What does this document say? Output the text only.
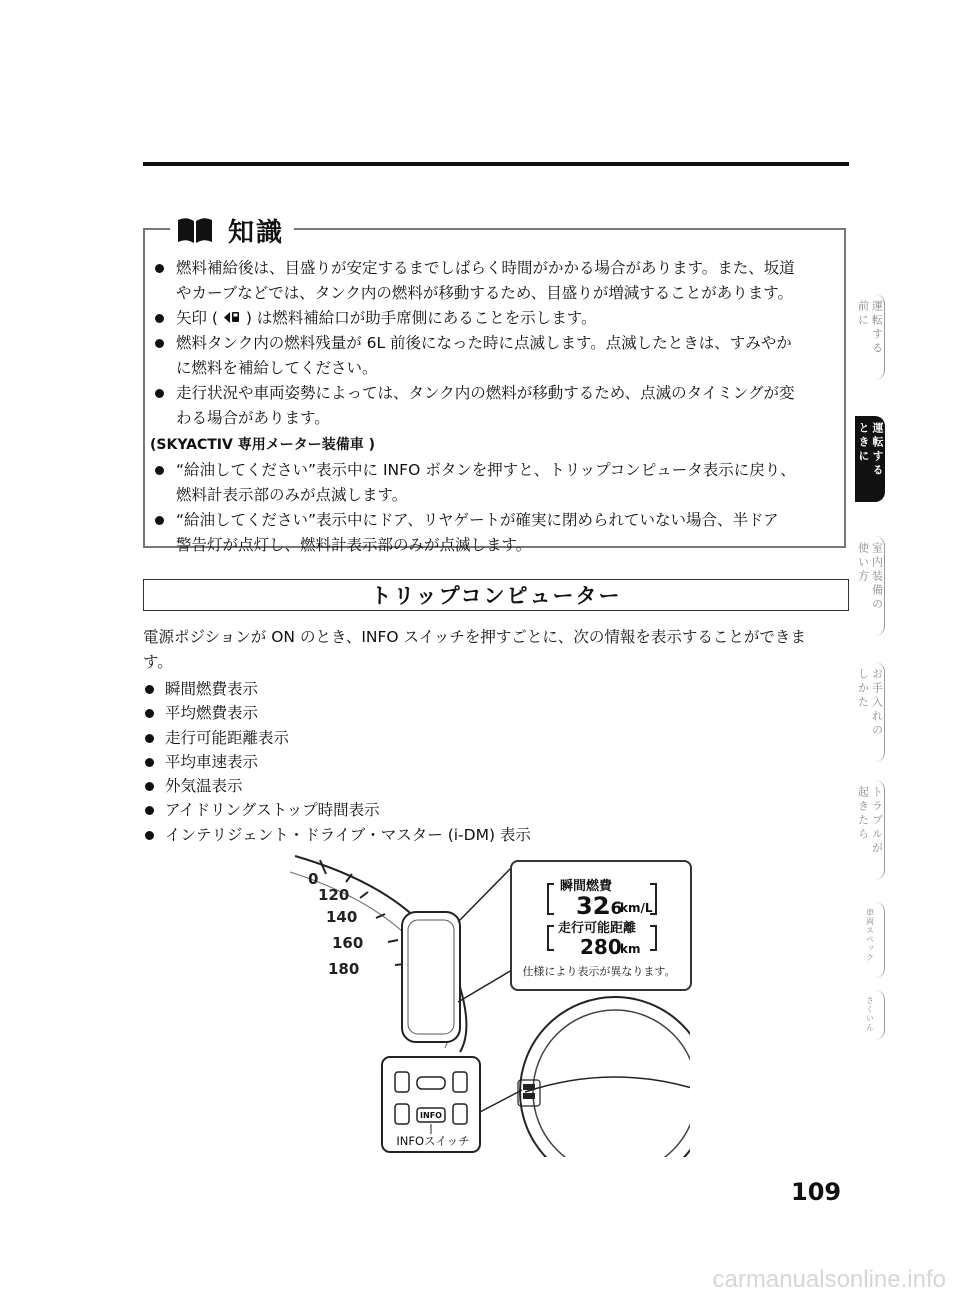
知識
燃料補給後は、目盛りが安定するまでしばらく時間がかかる場合があります。また、坂道
やカーブなどでは、タンク内の燃料が移動するため、目盛りが増減することがあります。
矢印 (  ) は燃料補給口が助手席側にあることを示します。
燃料タンク内の燃料残量が 6L 前後になった時に点滅します。点滅したときは、すみやか
に燃料を補給してください。
走行状況や車両姿勢によっては、タンク内の燃料が移動するため、点滅のタイミングが変
わる場合があります。
(SKYACTIV 専用メーター装備車 )
“給油してください”表示中に INFO ボタンを押すと、トリップコンピュータ表示に戻り、
燃料計表示部のみが点滅します。
“給油してください”表示中にドア、リヤゲートが確実に閉められていない場合、半ドア
警告灯が点灯し、燃料計表示部のみが点滅します。
トリップコンピューター
電源ポジションが ON のとき、INFO スイッチを押すごとに、次の情報を表示することができま
す。
瞬間燃費表示
平均燃費表示
走行可能距離表示
平均車速表示
外気温表示
アイドリングストップ時間表示
インテリジェント・ドライブ・マスター (i-DM) 表示
0
120
140
160
180
INFO
瞬間燃費
32
.6
km/L
走行可能距離
280
km
仕様により表示が異なります。
INFOスイッチ
運転する
前に
運転する
ときに
室内装備の
使い方
お手入れの
しかた
トラブルが
起きたら
車両スペック
さくいん
109
carmanualsonline.info
